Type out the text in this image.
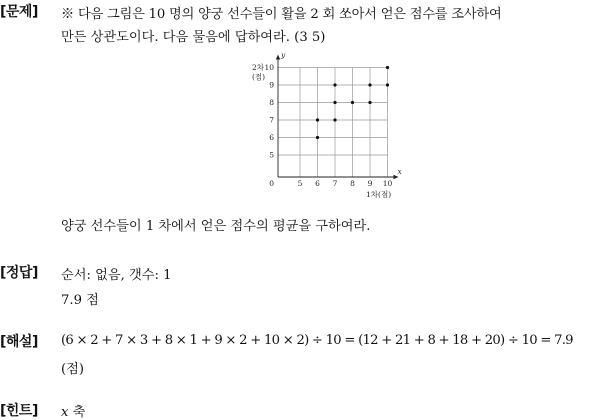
[문제] ※ 다음 그림은 10 명의 양궁 선수들이 활을 2 회 쏘아서 얻은 점수를 조사하여
만든 상관도이다. 다음 물음에 답하여라. (3 5)
5 6 7 8 9 10
5
6
7
8
9
10
0
y
x
2차
(점)
1차(점)
양궁 선수들이 1 차에서 얻은 점수의 평균을 구하여라.
[정답] 순서: 없음, 갯수: 1
7.9 점
[해설] (6 × 2 + 7 × 3 + 8 × 1 + 9 × 2 + 10 × 2) ÷ 10 = (12 + 21 + 8 + 18 + 20) ÷ 10 = 7.9
(점)
[힌트] x 축
